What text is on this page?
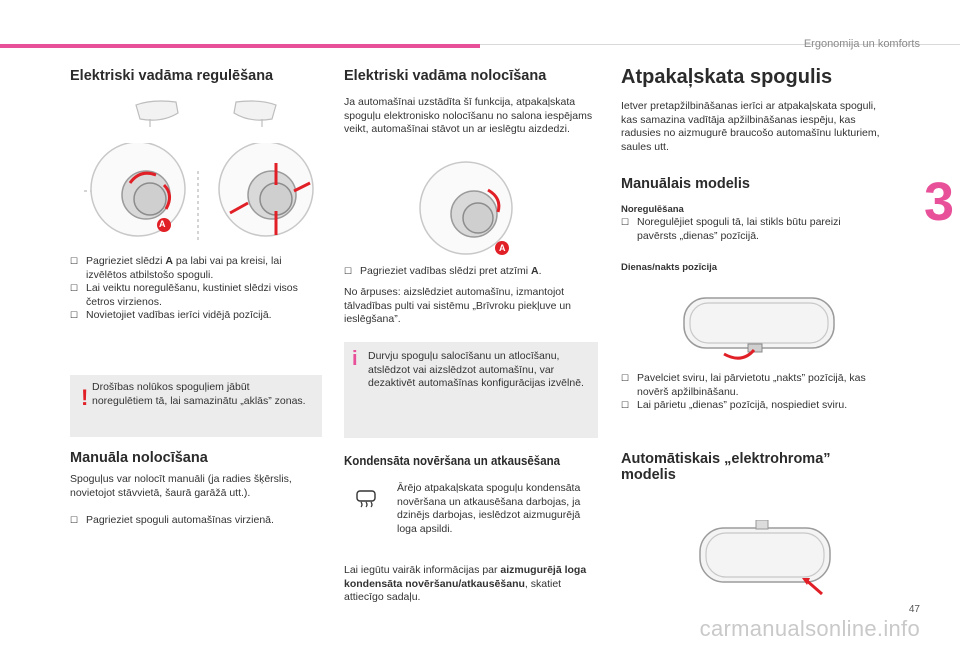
Ergonomija un komforts
3
Elektriski vadāma regulēšana
A
☐ Pagrieziet slēdzi A pa labi vai pa kreisi, lai izvēlētos atbilstošo spoguli.
☐ Lai veiktu noregulēšanu, kustiniet slēdzi visos četros virzienos.
☐ Novietojiet vadības ierīci vidējā pozīcijā.
! Drošības nolūkos spoguļiem jābūt noregulētiem tā, lai samazinātu „aklās” zonas.

Manuāla nolocīšana

Spoguļus var nolocīt manuāli (ja radies šķērslis, novietojot stāvvietā, šaurā garāžā utt.).

☐ Pagrieziet spoguli automašīnas virzienā.
Elektriski vadāma nolocīšana

Ja automašīnai uzstādīta šī funkcija, atpakaļskata spoguļu elektronisko nolocīšanu no salona iespējams veikt, automašīnai stāvot un ar ieslēgtu aizdedzi.

A
☐ Pagrieziet vadības slēdzi pret atzīmi A.

No ārpuses: aizslēdziet automašīnu, izmantojot tālvadības pulti vai sistēmu „Brīvroku piekļuve un ieslēgšana”.

i Durvju spoguļu salocīšanu un atlocīšanu, atslēdzot vai aizslēdzot automašīnu, var dezaktivēt automašīnas konfigurācijas izvēlnē.

Kondensāta novēršana un atkausēšana

Ārējo atpakaļskata spoguļu kondensāta novēršana un atkausēšana darbojas, ja dzinējs darbojas, ieslēdzot aizmugurējā loga apsildi.

Lai iegūtu vairāk informācijas par aizmugurējā loga kondensāta novēršanu/atkausēšanu, skatiet attiecīgo sadaļu.

Atpakaļskata spogulis

Ietver pretapžilbināšanas ierīci ar atpakaļskata spoguli, kas samazina vadītāja apžilbināšanas iespēju, kas radusies no aizmugurē braucošo automašīnu lukturiem, saules utt.

Manuālais modelis
Noregulēšana
☐ Noregulējiet spoguli tā, lai stikls būtu pareizi pavērsts „dienas” pozīcijā.
Dienas/nakts pozīcija
☐ Pavelciet sviru, lai pārvietotu „nakts” pozīcijā, kas novērš apžilbināšanu.
☐ Lai pārietu „dienas” pozīcijā, nospiediet sviru.
Automātiskais „elektrohroma” modelis
47
carmanualsonline.info
